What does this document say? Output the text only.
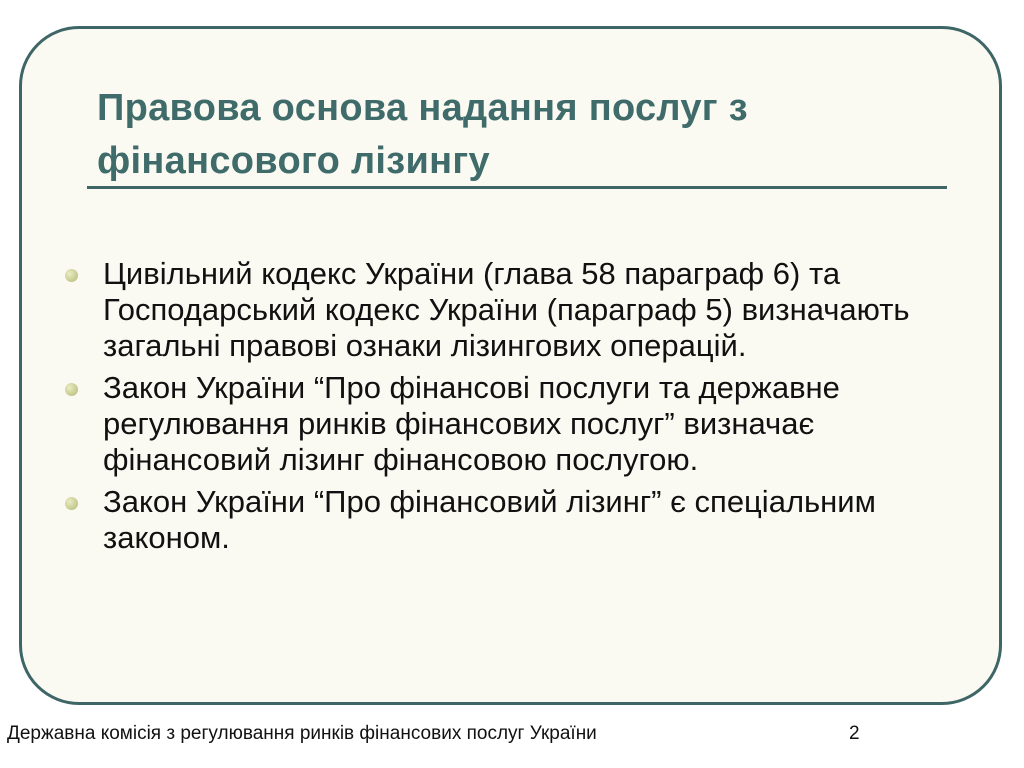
Правова основа надання послуг з фінансового лізингу
Цивільний кодекс України (глава 58 параграф 6) та Господарський кодекс України (параграф 5) визначають загальні правові ознаки лізингових операцій.
Закон України “Про фінансові послуги та державне регулювання ринків фінансових послуг” визначає фінансовий лізинг фінансовою послугою.
Закон України “Про фінансовий лізинг” є спеціальним законом.
Державна комісія з регулювання ринків фінансових послуг України	2
